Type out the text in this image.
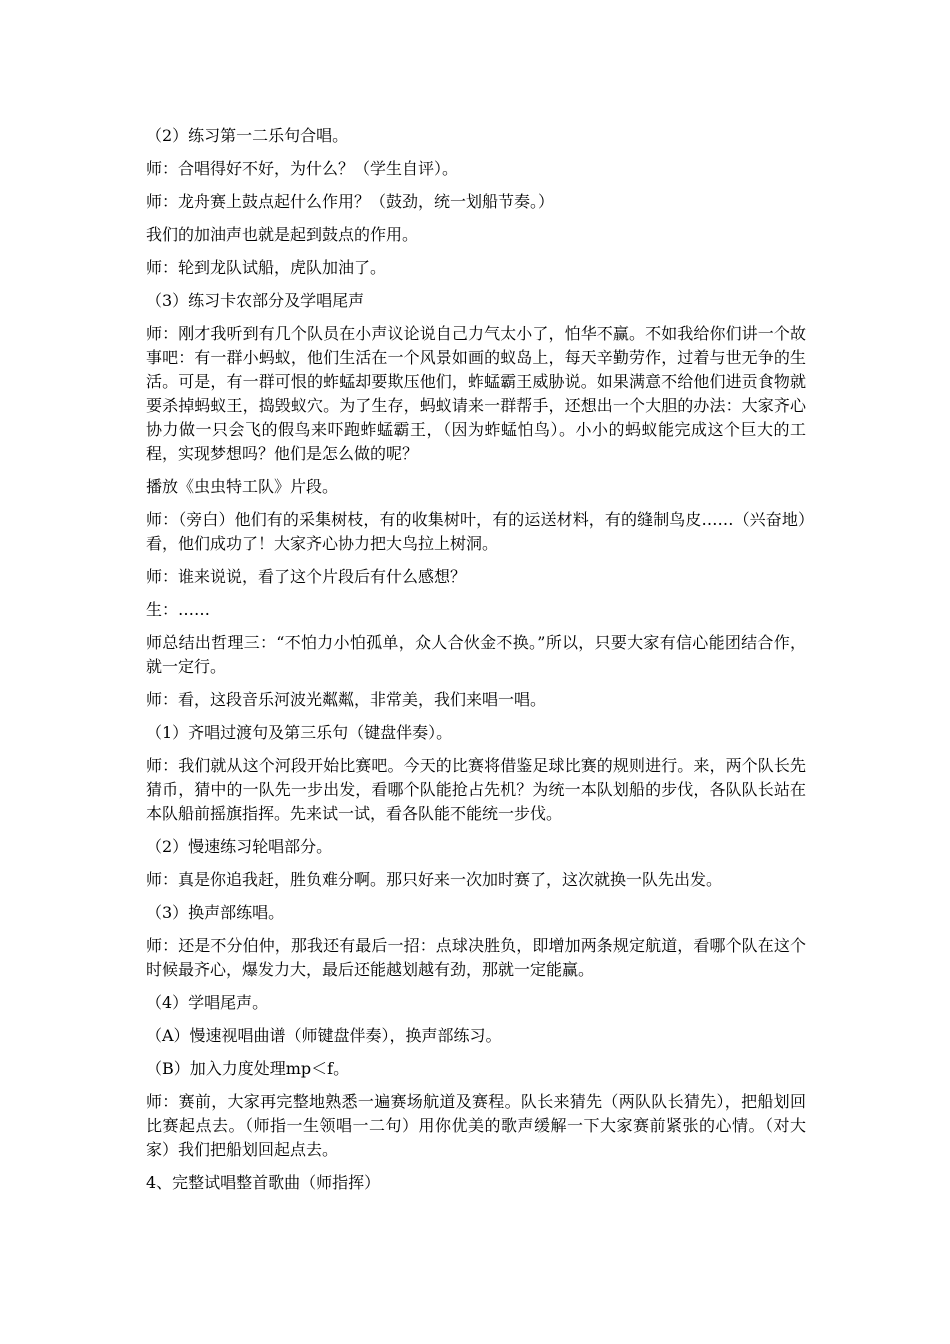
（2）练习第一二乐句合唱。

师：合唱得好不好，为什么？（学生自评）。

师：龙舟赛上鼓点起什么作用？（鼓劲，统一划船节奏。）

我们的加油声也就是起到鼓点的作用。

师：轮到龙队试船，虎队加油了。

（3）练习卡农部分及学唱尾声

师：刚才我听到有几个队员在小声议论说自己力气太小了，怕华不赢。不如我给你们讲一个故事吧：有一群小蚂蚁，他们生活在一个风景如画的蚁岛上，每天辛勤劳作，过着与世无争的生活。可是，有一群可恨的蚱蜢却要欺压他们，蚱蜢霸王威胁说。如果满意不给他们进贡食物就要杀掉蚂蚁王，捣毁蚁穴。为了生存，蚂蚁请来一群帮手，还想出一个大胆的办法：大家齐心协力做一只会飞的假鸟来吓跑蚱蜢霸王，（因为蚱蜢怕鸟）。小小的蚂蚁能完成这个巨大的工程，实现梦想吗？他们是怎么做的呢？

播放《虫虫特工队》片段。

师：（旁白）他们有的采集树枝，有的收集树叶，有的运送材料，有的缝制鸟皮……（兴奋地）看，他们成功了！大家齐心协力把大鸟拉上树洞。

师：谁来说说，看了这个片段后有什么感想？

生：……

师总结出哲理三：“不怕力小怕孤单，众人合伙金不换。”所以，只要大家有信心能团结合作，就一定行。

师：看，这段音乐河波光粼粼，非常美，我们来唱一唱。

（1）齐唱过渡句及第三乐句（键盘伴奏）。

师：我们就从这个河段开始比赛吧。今天的比赛将借鉴足球比赛的规则进行。来，两个队长先猜币，猜中的一队先一步出发，看哪个队能抢占先机？为统一本队划船的步伐，各队队长站在本队船前摇旗指挥。先来试一试，看各队能不能统一步伐。

（2）慢速练习轮唱部分。

师：真是你追我赶，胜负难分啊。那只好来一次加时赛了，这次就换一队先出发。

（3）换声部练唱。

师：还是不分伯仲，那我还有最后一招：点球决胜负，即增加两条规定航道，看哪个队在这个时候最齐心，爆发力大，最后还能越划越有劲，那就一定能赢。

（4）学唱尾声。

（A）慢速视唱曲谱（师键盘伴奏），换声部练习。

（B）加入力度处理mp＜f。

师：赛前，大家再完整地熟悉一遍赛场航道及赛程。队长来猜先（两队队长猜先），把船划回比赛起点去。（师指一生领唱一二句）用你优美的歌声缓解一下大家赛前紧张的心情。（对大家）我们把船划回起点去。

4、完整试唱整首歌曲（师指挥）
